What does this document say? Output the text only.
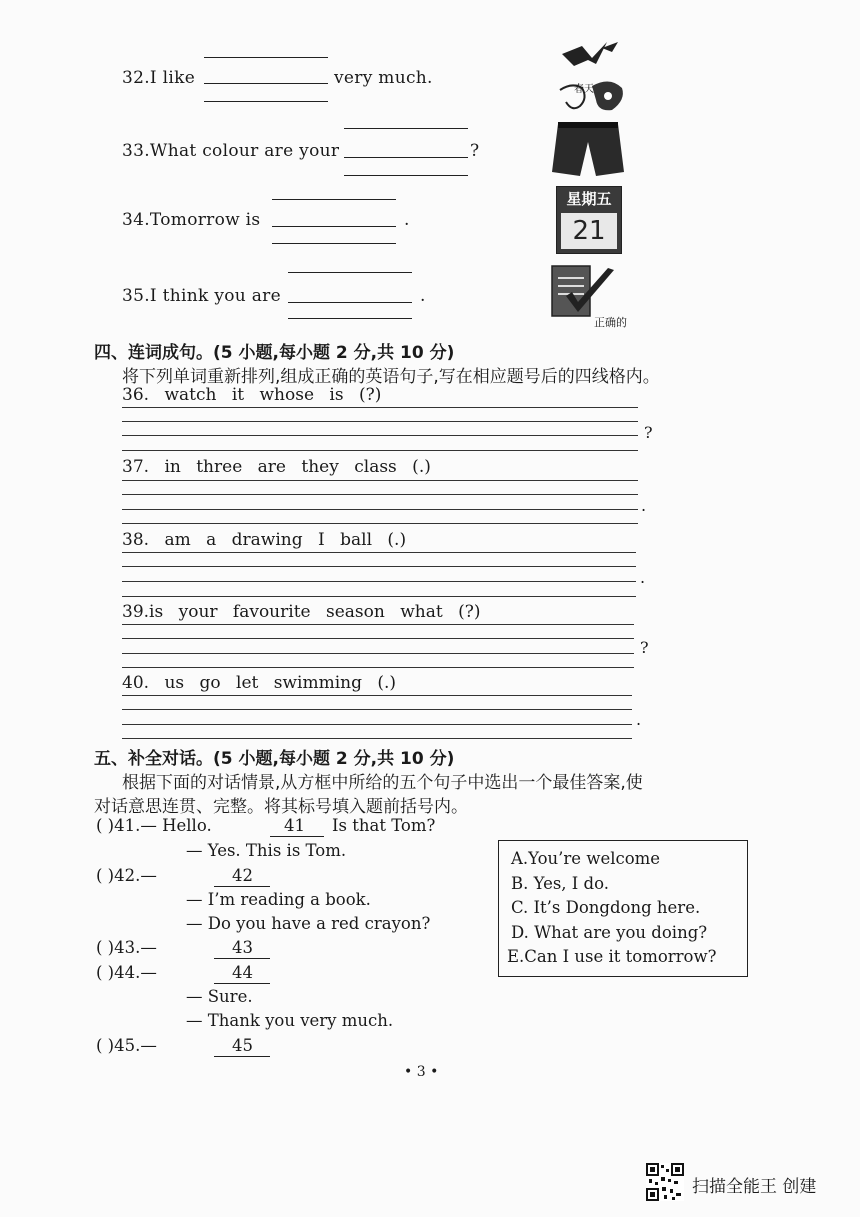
32.I like	very much.
33.What colour are your	?
34.Tomorrow is	.
35.I think you are	.
春天
星期五
21
正确的
四、连词成句。(5 小题,每小题 2 分,共 10 分)
将下列单词重新排列,组成正确的英语句子,写在相应题号后的四线格内。
36. watch it whose is (?)
?
37. in three are they class (.)
.
38. am a drawing I ball (.)
.
39.is your favourite season what (?)
?
40. us go let swimming (.)
.
五、补全对话。(5 小题,每小题 2 分,共 10 分)
根据下面的对话情景,从方框中所给的五个句子中选出一个最佳答案,使
对话意思连贯、完整。将其标号填入题前括号内。
( )41.— Hello.	41 Is that Tom?
— Yes. This is Tom.
( )42.—	42
— I’m reading a book.
— Do you have a red crayon?
( )43.—	43
( )44.—	44
— Sure.
— Thank you very much.
( )45.—	45
A.You’re welcome
B. Yes, I do.
C. It’s Dongdong here.
D. What are you doing?
E.Can I use it tomorrow?
• 3 •
扫描全能王 创建
